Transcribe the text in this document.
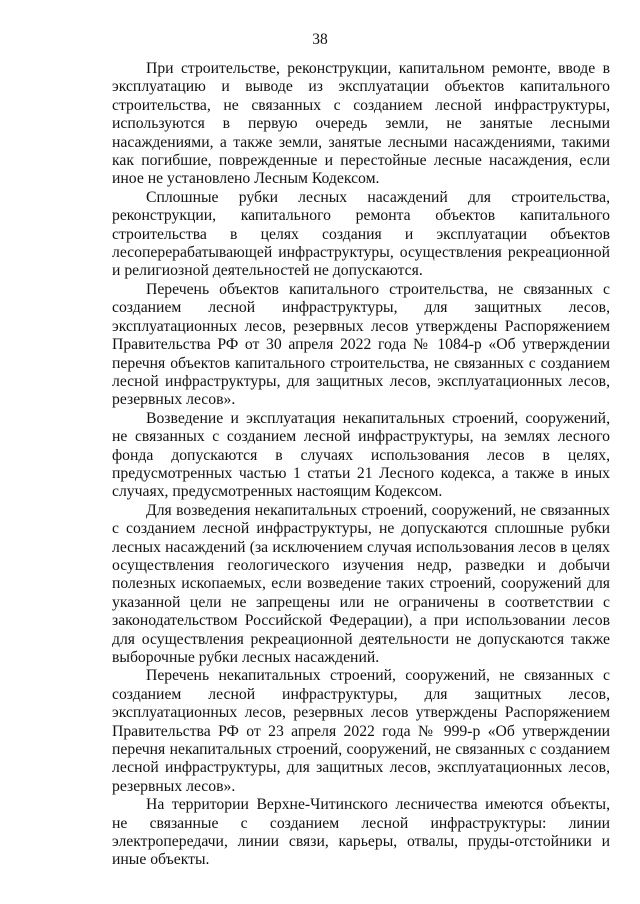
38

При строительстве, реконструкции, капитальном ремонте, вводе в эксплуатацию и выводе из эксплуатации объектов капитального строительства, не связанных с созданием лесной инфраструктуры, используются в первую очередь земли, не занятые лесными насаждениями, а также земли, занятые лесными насаждениями, такими как погибшие, поврежденные и перестойные лесные насаждения, если иное не установлено Лесным Кодексом.

Сплошные рубки лесных насаждений для строительства, реконструкции, капитального ремонта объектов капитального строительства в целях создания и эксплуатации объектов лесоперерабатывающей инфраструктуры, осуществления рекреационной и религиозной деятельностей не допускаются.

Перечень объектов капитального строительства, не связанных с созданием лесной инфраструктуры, для защитных лесов, эксплуатационных лесов, резервных лесов утверждены Распоряжением Правительства РФ от 30 апреля 2022 года № 1084-р «Об утверждении перечня объектов капитального строительства, не связанных с созданием лесной инфраструктуры, для защитных лесов, эксплуатационных лесов, резервных лесов».

Возведение и эксплуатация некапитальных строений, сооружений, не связанных с созданием лесной инфраструктуры, на землях лесного фонда допускаются в случаях использования лесов в целях, предусмотренных частью 1 статьи 21 Лесного кодекса, а также в иных случаях, предусмотренных настоящим Кодексом.

Для возведения некапитальных строений, сооружений, не связанных с созданием лесной инфраструктуры, не допускаются сплошные рубки лесных насаждений (за исключением случая использования лесов в целях осуществления геологического изучения недр, разведки и добычи полезных ископаемых, если возведение таких строений, сооружений для указанной цели не запрещены или не ограничены в соответствии с законодательством Российской Федерации), а при использовании лесов для осуществления рекреационной деятельности не допускаются также выборочные рубки лесных насаждений.

Перечень некапитальных строений, сооружений, не связанных с созданием лесной инфраструктуры, для защитных лесов, эксплуатационных лесов, резервных лесов утверждены Распоряжением Правительства РФ от 23 апреля 2022 года № 999-р «Об утверждении перечня некапитальных строений, сооружений, не связанных с созданием лесной инфраструктуры, для защитных лесов, эксплуатационных лесов, резервных лесов».

На территории Верхне-Читинского лесничества имеются объекты, не связанные с созданием лесной инфраструктуры: линии электропередачи, линии связи, карьеры, отвалы, пруды-отстойники и иные объекты.
